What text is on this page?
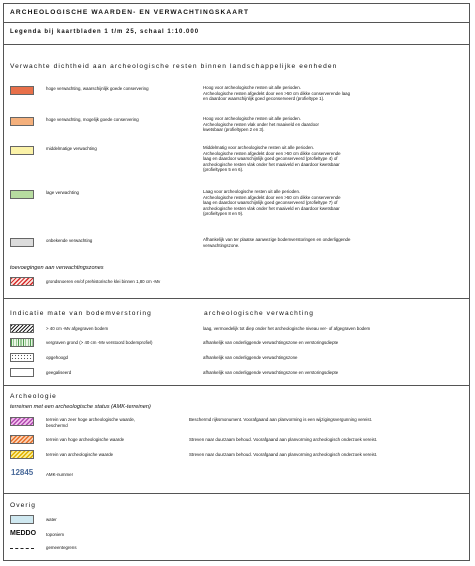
ARCHEOLOGISCHE WAARDEN- EN VERWACHTINGSKAART
Legenda bij kaartbladen 1 t/m 25, schaal 1:10.000
Verwachte dichtheid aan archeologische resten binnen landschappelijke eenheden
hoge verwachting, waarschijnlijk goede conservering	Hoog voor archeologische resten uit alle perioden.
Archeologische resten afgedekt door een >50 cm dikke conserverende laag
en daardoor waarschijnlijk goed geconserveerd (profieltype 1).
hoge verwachting, mogelijk goede conservering	Hoog voor archeologische resten uit alle perioden.
Archeologische resten vlak onder het maaiveld en daardoor
kwetsbaar (profieltypen 2 en 3).
middelmatige verwachting	Middelmatig voor archeologische resten uit alle perioden.
Archeologische resten afgedekt door een >50 cm dikke conserverende
laag en daardoor waarschijnlijk goed geconserveerd (profieltype 4) of
archeologische resten vlak onder het maaiveld en daardoor kwetsbaar
(profieltypen 5 en 6).
lage verwachting	Laag voor archeologische resten uit alle perioden.
Archeologische resten afgedekt door een >50 cm dikke conserverende
laag en daardoor waarschijnlijk goed geconserveerd (profieltype 7) of
archeologische resten vlak onder het maaiveld en daardoor kwetsbaar
(profieltypen 8 en 9).
onbekende verwachting	Afhankelijk van ter plaatse aanwezige bodemverstoringen en onderliggende
verwachtingszone.
toevoegingen aan verwachtingszones
grondsnoeren en/of prehistorische klei binnen 1,80 cm -Mv
Indicatie mate van bodemverstoring	archeologische verwachting
> 40 cm -Mv afgegraven bodem	laag, vermoedelijk tot diep onder het archeologische niveau ver- of afgegraven bodem
vergraven grond (> 40 cm -Mv verstoord bodemprofiel)	afhankelijk van onderliggende verwachtingszone en verstoringsdiepte
opgehoogd	afhankelijk van onderliggende verwachtingszone
geegaliseerd	afhankelijk van onderliggende verwachtingszone en verstoringsdiepte
Archeologie
terreinen met een archeologische status (AMK-terreinen)
terrein van zeer hoge archeologische waarde,
beschermd
Beschermd rijksmonument. Voorafgaand aan planvorming is een wijzigingsvergunning vereist.
terrein van hoge archeologische waarde	Streven naar duurzaam behoud. Voorafgaand aan planvorming archeologisch onderzoek vereist.
terrein van archeologische waarde	Streven naar duurzaam behoud. Voorafgaand aan planvorming archeologisch onderzoek vereist.
12845	AMK-nummer
Overig
water
MEDDO toponiem
gemeentegrens
